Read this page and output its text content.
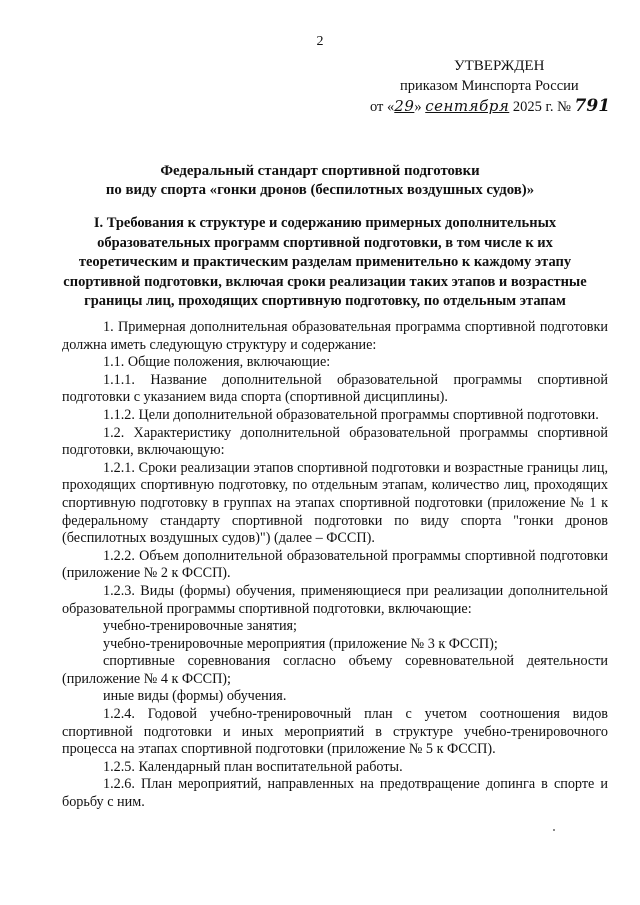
2
УТВЕРЖДЕН
приказом Минспорта России
от «29» сентября 2025 г. № 791
Федеральный стандарт спортивной подготовки
по виду спорта «гонки дронов (беспилотных воздушных судов)»
I. Требования к структуре и содержанию примерных дополнительных
образовательных программ спортивной подготовки, в том числе к их
теоретическим и практическим разделам применительно к каждому этапу
спортивной подготовки, включая сроки реализации таких этапов и возрастные
границы лиц, проходящих спортивную подготовку, по отдельным этапам

1. Примерная дополнительная образовательная программа спортивной подготовки должна иметь следующую структуру и содержание:

1.1. Общие положения, включающие:

1.1.1. Название дополнительной образовательной программы спортивной подготовки с указанием вида спорта (спортивной дисциплины).

1.1.2. Цели дополнительной образовательной программы спортивной подготовки.

1.2. Характеристику дополнительной образовательной программы спортивной подготовки, включающую:

1.2.1. Сроки реализации этапов спортивной подготовки и возрастные границы лиц, проходящих спортивную подготовку, по отдельным этапам, количество лиц, проходящих спортивную подготовку в группах на этапах спортивной подготовки (приложение № 1 к федеральному стандарту спортивной подготовки по виду спорта "гонки дронов (беспилотных воздушных судов)") (далее – ФССП).

1.2.2. Объем дополнительной образовательной программы спортивной подготовки (приложение № 2 к ФССП).

1.2.3. Виды (формы) обучения, применяющиеся при реализации дополнительной образовательной программы спортивной подготовки, включающие:

учебно-тренировочные занятия;

учебно-тренировочные мероприятия (приложение № 3 к ФССП);

спортивные соревнования согласно объему соревновательной деятельности (приложение № 4 к ФССП);

иные виды (формы) обучения.

1.2.4. Годовой учебно-тренировочный план с учетом соотношения видов спортивной подготовки и иных мероприятий в структуре учебно-тренировочного процесса на этапах спортивной подготовки (приложение № 5 к ФССП).

1.2.5. Календарный план воспитательной работы.

1.2.6. План мероприятий, направленных на предотвращение допинга в спорте и борьбу с ним.
